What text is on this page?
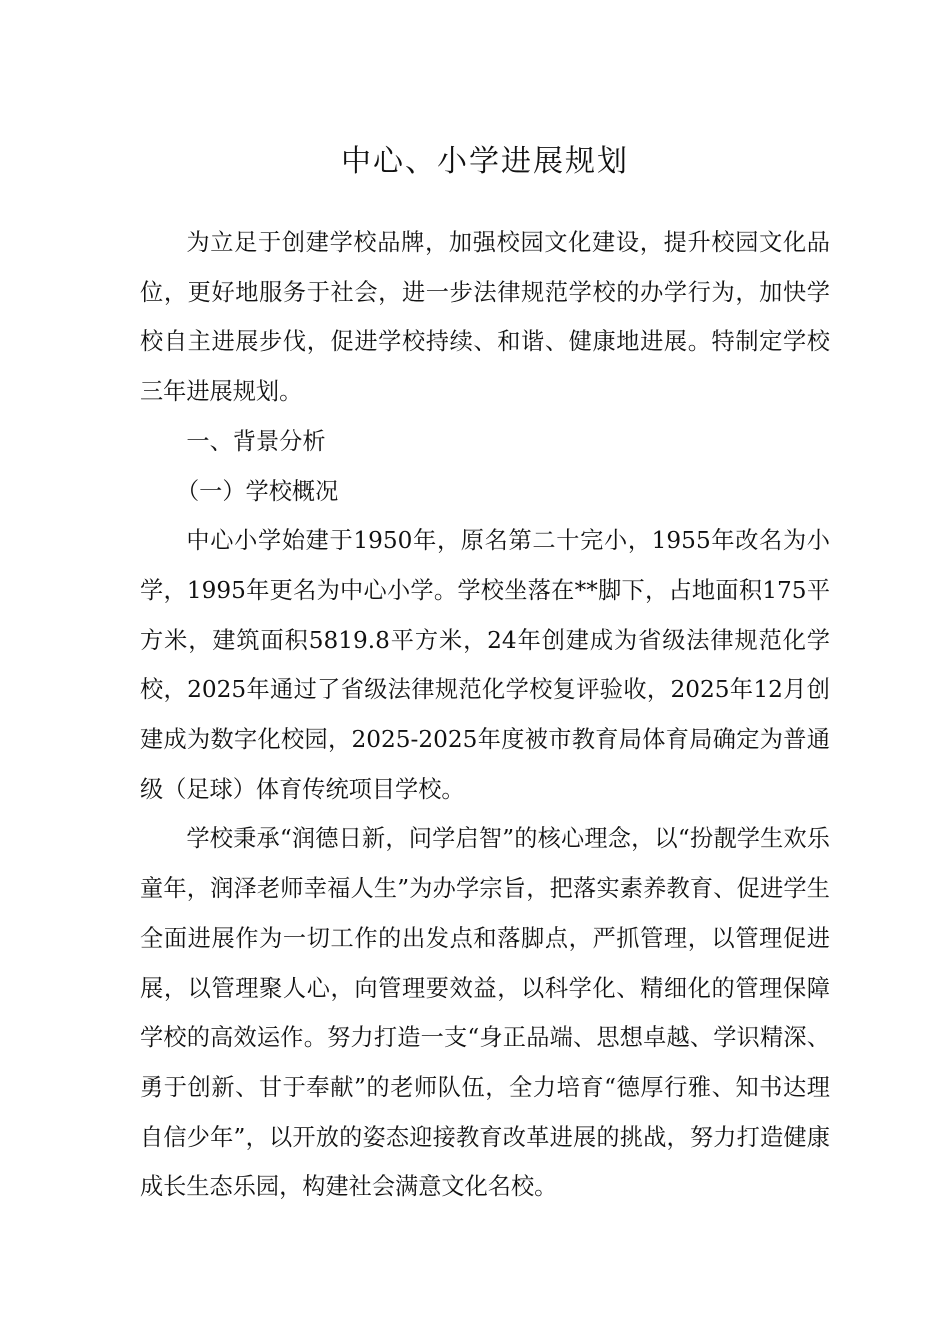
中心、小学进展规划

为立足于创建学校品牌，加强校园文化建设，提升校园文化品位，更好地服务于社会，进一步法律规范学校的办学行为，加快学校自主进展步伐，促进学校持续、和谐、健康地进展。特制定学校三年进展规划。

一、背景分析

（一）学校概况

中心小学始建于1950年，原名第二十完小，1955年改名为小学，1995年更名为中心小学。学校坐落在**脚下，占地面积175平方米，建筑面积5819.8平方米，24年创建成为省级法律规范化学校，2025年通过了省级法律规范化学校复评验收，2025年12月创建成为数字化校园，2025-2025年度被市教育局体育局确定为普通级（足球）体育传统项目学校。

学校秉承“润德日新，问学启智”的核心理念，以“扮靓学生欢乐童年，润泽老师幸福人生”为办学宗旨，把落实素养教育、促进学生全面进展作为一切工作的出发点和落脚点，严抓管理，以管理促进展，以管理聚人心，向管理要效益，以科学化、精细化的管理保障学校的高效运作。努力打造一支“身正品端、思想卓越、学识精深、勇于创新、甘于奉献”的老师队伍，全力培育“德厚行雅、知书达理自信少年”，以开放的姿态迎接教育改革进展的挑战，努力打造健康成长生态乐园，构建社会满意文化名校。
